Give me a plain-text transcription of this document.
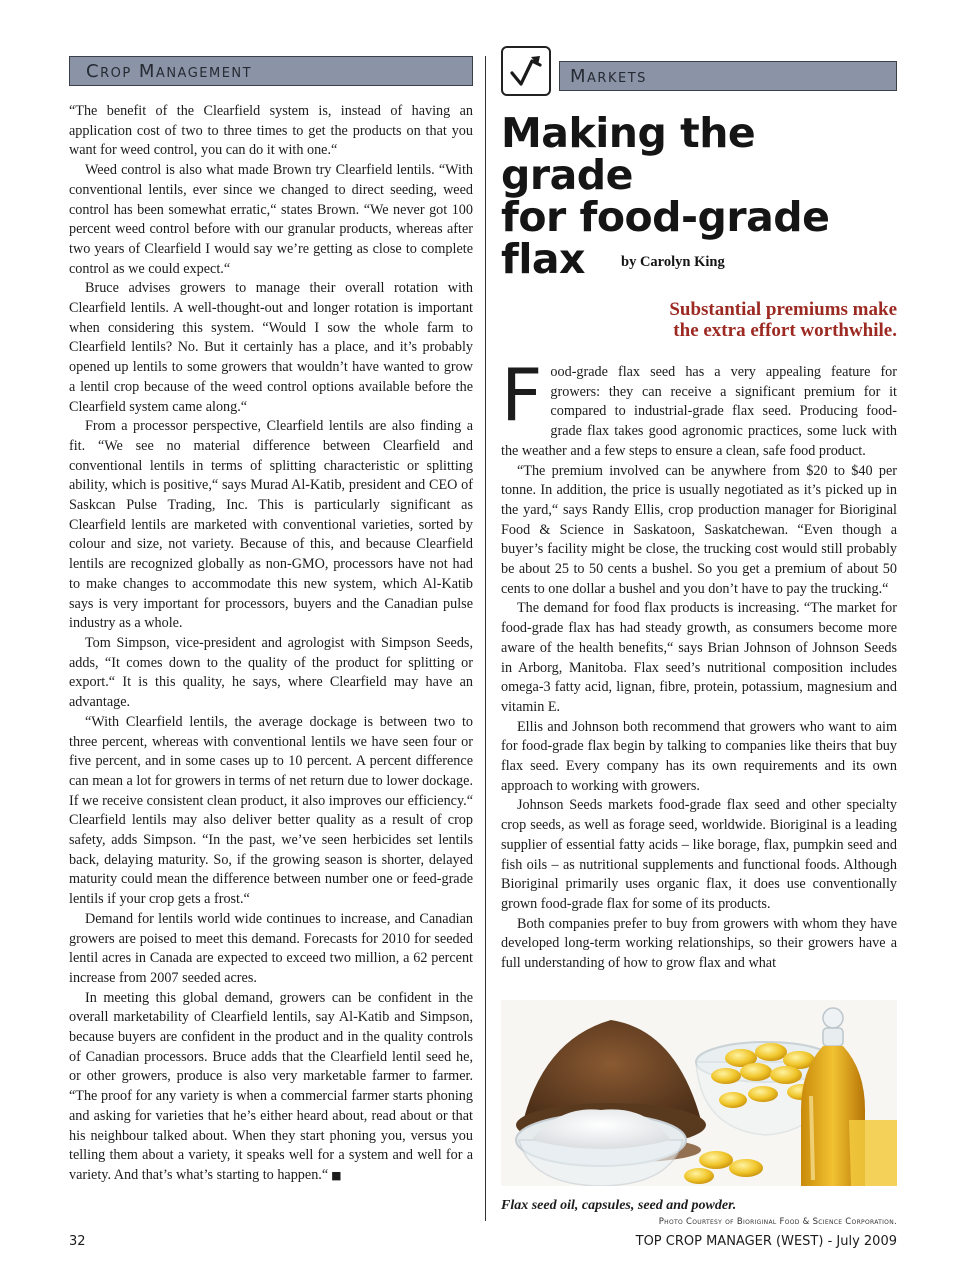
Crop Management

“The benefit of the Clearfield system is, instead of having an application cost of two to three times to get the products on that you want for weed control, you can do it with one.“

Weed control is also what made Brown try Clearfield lentils. “With conventional lentils, ever since we changed to direct seeding, weed control has been somewhat erratic,“ states Brown. “We never got 100 percent weed control before with our granular products, whereas after two years of Clearfield I would say we’re getting as close to complete control as we could expect.“

Bruce advises growers to manage their overall rotation with Clearfield lentils. A well-thought-out and longer rotation is important when considering this system. “Would I sow the whole farm to Clearfield lentils? No. But it certainly has a place, and it’s probably opened up lentils to some growers that wouldn’t have wanted to grow a lentil crop because of the weed control options available before the Clearfield system came along.“

From a processor perspective, Clearfield lentils are also finding a fit. “We see no material difference between Clearfield and conventional lentils in terms of splitting characteristic or splitting ability, which is positive,“ says Murad Al-Katib, president and CEO of Saskcan Pulse Trading, Inc. This is particularly significant as Clearfield lentils are marketed with conventional varieties, sorted by colour and size, not variety. Because of this, and because Clearfield lentils are recognized globally as non-GMO, processors have not had to make changes to accommodate this new system, which Al-Katib says is very important for processors, buyers and the Canadian pulse industry as a whole.

Tom Simpson, vice-president and agrologist with Simpson Seeds, adds, “It comes down to the quality of the product for splitting or export.“ It is this quality, he says, where Clearfield may have an advantage.

“With Clearfield lentils, the average dockage is between two to three percent, whereas with conventional lentils we have seen four or five percent, and in some cases up to 10 percent. A percent difference can mean a lot for growers in terms of net return due to lower dockage. If we receive consistent clean product, it also improves our efficiency.“ Clearfield lentils may also deliver better quality as a result of crop safety, adds Simpson. “In the past, we’ve seen herbicides set lentils back, delaying maturity. So, if the growing season is shorter, delayed maturity could mean the difference between number one or feed-grade lentils if your crop gets a frost.“

Demand for lentils world wide continues to increase, and Canadian growers are poised to meet this demand. Forecasts for 2010 for seeded lentil acres in Canada are expected to exceed two million, a 62 percent increase from 2007 seeded acres.

In meeting this global demand, growers can be confident in the overall marketability of Clearfield lentils, say Al-Katib and Simpson, because buyers are confident in the product and in the quality controls of Canadian processors. Bruce adds that the Clearfield lentil seed he, or other growers, produce is also very marketable farmer to farmer. “The proof for any variety is when a commercial farmer starts phoning and asking for varieties that he’s either heard about, read about or that his neighbour talked about. When they start phoning you, versus you telling them about a variety, it speaks well for a system and well for a variety. And that’s what’s starting to happen.“ ■

Markets
Making the grade
for food-grade
flax by Carolyn King
Substantial premiums make
the extra effort worthwhile.

Food-grade flax seed has a very appealing feature for growers: they can receive a significant premium for it compared to industrial-grade flax seed. Producing food-grade flax takes good agronomic practices, some luck with the weather and a few steps to ensure a clean, safe food product.

“The premium involved can be anywhere from $20 to $40 per tonne. In addition, the price is usually negotiated as it’s picked up in the yard,“ says Randy Ellis, crop production manager for Bioriginal Food & Science in Saskatoon, Saskatchewan. “Even though a buyer’s facility might be close, the trucking cost would still probably be about 25 to 50 cents a bushel. So you get a premium of about 50 cents to one dollar a bushel and you don’t have to pay the trucking.“

The demand for food flax products is increasing. “The market for food-grade flax has had steady growth, as consumers become more aware of the health benefits,“ says Brian Johnson of Johnson Seeds in Arborg, Manitoba. Flax seed’s nutritional composition includes omega-3 fatty acid, lignan, fibre, protein, potassium, magnesium and vitamin E.

Ellis and Johnson both recommend that growers who want to aim for food-grade flax begin by talking to companies like theirs that buy flax seed. Every company has its own requirements and its own approach to working with growers.

Johnson Seeds markets food-grade flax seed and other specialty crop seeds, as well as forage seed, worldwide. Bioriginal is a leading supplier of essential fatty acids – like borage, flax, pumpkin seed and fish oils – as nutritional supplements and functional foods. Although Bioriginal primarily uses organic flax, it does use conventionally grown food-grade flax for some of its products.

Both companies prefer to buy from growers with whom they have developed long-term working relationships, so their growers have a full understanding of how to grow flax and what

Flax seed oil, capsules, seed and powder.
Photo Courtesy of Bioriginal Food & Science Corporation.
32	TOP CROP MANAGER (WEST) - July 2009
